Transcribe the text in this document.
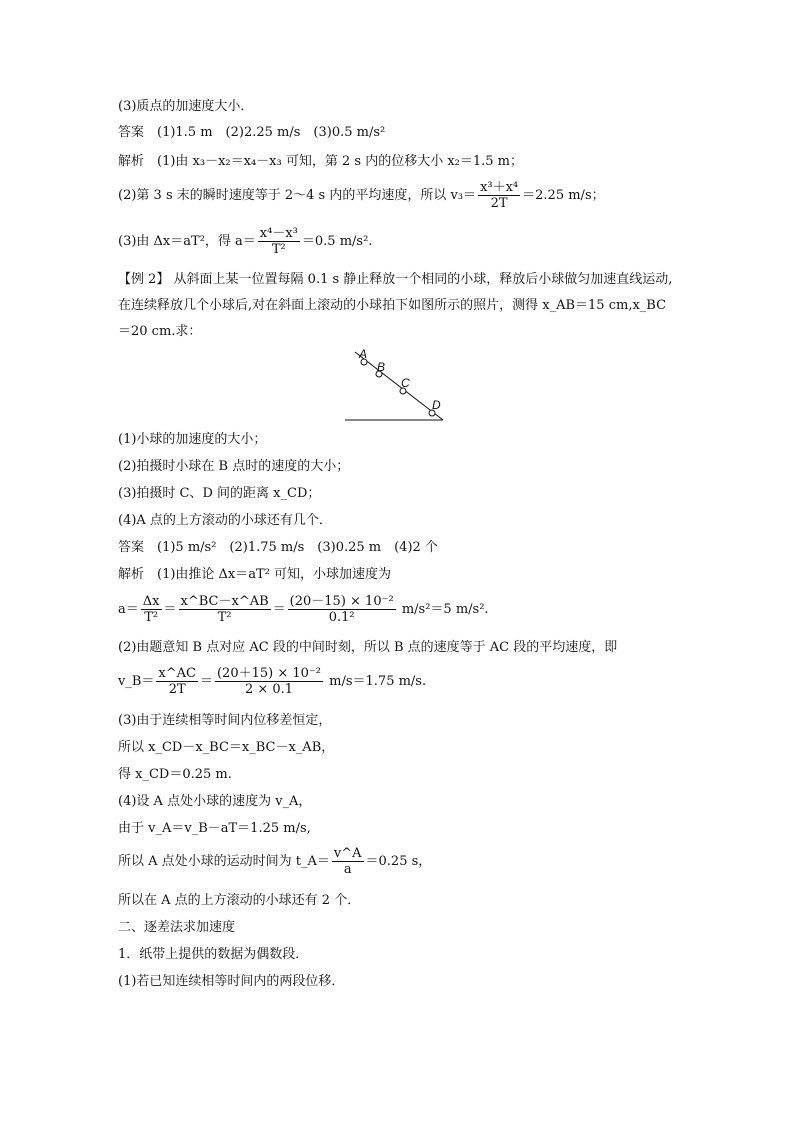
(3)质点的加速度大小．
答案　(1)1.5 m　(2)2.25 m/s　(3)0.5 m/s²
解析　(1)由 x₃－x₂＝x₄－x₃ 可知，第 2 s 内的位移大小 x₂＝1.5 m；
(2)第 3 s 末的瞬时速度等于 2～4 s 内的平均速度，所以 $v_3= \frac{\text{x³＋x⁴}}{2T} =2.25$ m/s；
(3)由 Δx＝aT²，得 $a= \frac{\text{x⁴－x³}}{\text{T²}} =0.5$ m/s².
【例 2】 从斜面上某一位置每隔 0.1 s 静止释放一个相同的小球，释放后小球做匀加速直线运动,在连续释放几个小球后,对在斜面上滚动的小球拍下如图所示的照片，测得 x_AB＝15 cm,x_BC ＝20 cm.求：
A
B
C
D
(1)小球的加速度的大小；
(2)拍摄时小球在 B 点时的速度的大小；
(3)拍摄时 C、D 间的距离 x_CD；
(4)A 点的上方滚动的小球还有几个．
答案　(1)5 m/s²　(2)1.75 m/s　(3)0.25 m　(4)2 个
解析　(1)由推论 Δx＝aT² 可知，小球加速度为
$a= \frac{\Delta x}{\text{T²}} = \frac{x\^{}BC-x\^{}AB}{\text{T²}} = \frac{\text{(20－15) × 10⁻²}}{\text{0.1²}} m/s^2=5$ m/s².
(2)由题意知 B 点对应 AC 段的中间时刻，所以 B 点的速度等于 AC 段的平均速度，即
v_B＝ $\frac{x\^{}AC}{2T} = \frac{\text{(20＋15) × 10⁻²}}{2 \times 0.1} m/s=1.75$ m/s.
(3)由于连续相等时间内位移差恒定，
所以 x_CD－x_BC＝x_BC－x_AB，
得 x_CD＝0.25 m.
(4)设 A 点处小球的速度为 v_A，
由于 v_A＝v_B－aT＝1.25 m/s,
所以 A 点处小球的运动时间为 t_A＝ $\frac{v\^{}A}{a} =0.25$ s，
所以在 A 点的上方滚动的小球还有 2 个．
二、逐差法求加速度
1．纸带上提供的数据为偶数段．
(1)若已知连续相等时间内的两段位移．
